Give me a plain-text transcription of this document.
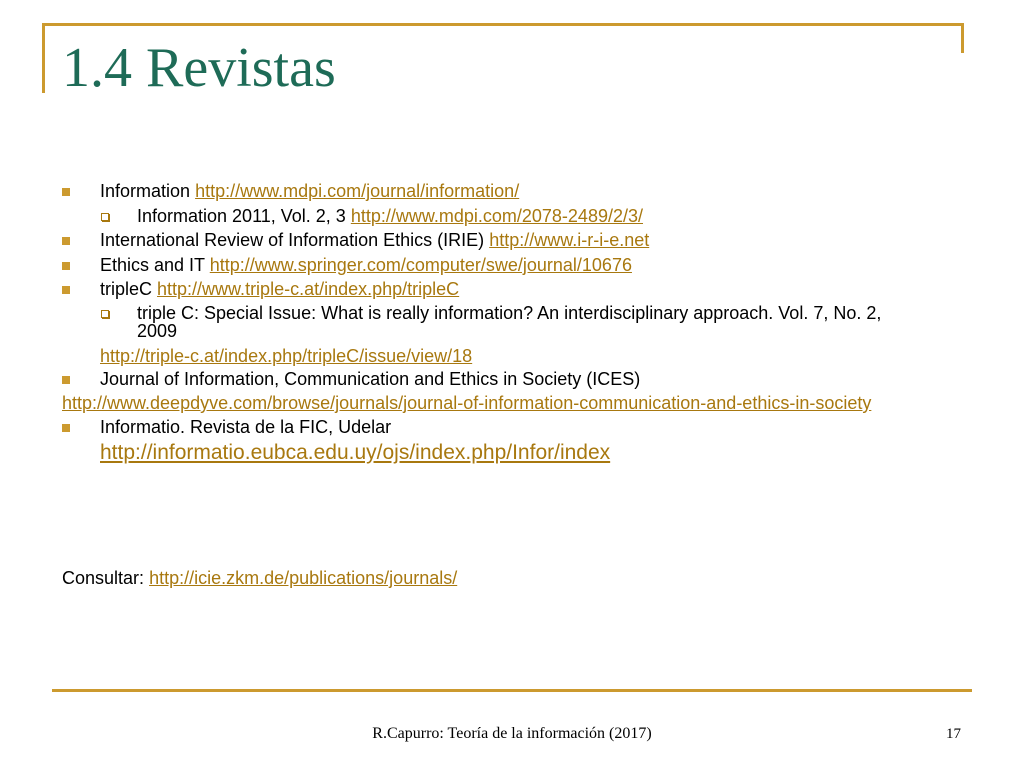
1.4 Revistas
Information http://www.mdpi.com/journal/information/
Information 2011, Vol. 2, 3 http://www.mdpi.com/2078-2489/2/3/
International Review of Information Ethics (IRIE) http://www.i-r-i-e.net
Ethics and IT http://www.springer.com/computer/swe/journal/10676
tripleC http://www.triple-c.at/index.php/tripleC
triple C: Special Issue: What is really information? An interdisciplinary approach. Vol. 7, No. 2,
2009
http://triple-c.at/index.php/tripleC/issue/view/18
Journal of Information, Communication and Ethics in Society (ICES)
http://www.deepdyve.com/browse/journals/journal-of-information-communication-and-ethics-in-society
Informatio. Revista de la FIC, Udelar
http://informatio.eubca.edu.uy/ojs/index.php/Infor/index
Consultar: http://icie.zkm.de/publications/journals/
R.Capurro: Teoría de la información (2017)	17
